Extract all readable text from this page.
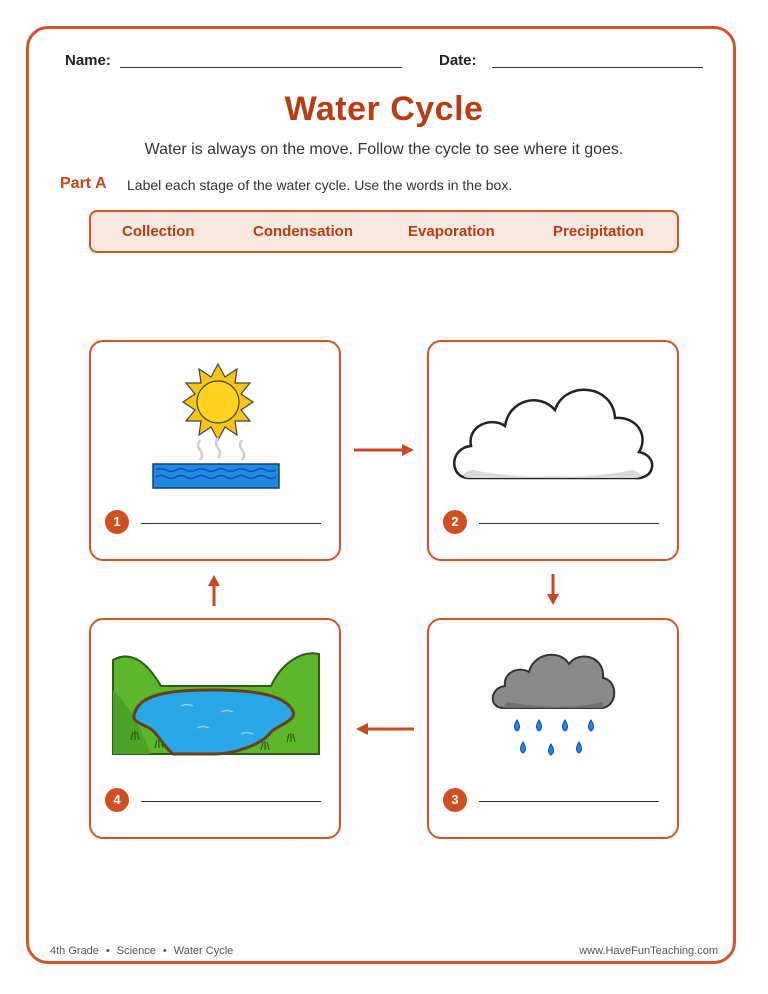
Name:	Date:
Water Cycle
Water is always on the move. Follow the cycle to see where it goes.
Part A Label each stage of the water cycle. Use the words in the box.
Collection	Condensation	Evaporation	Precipitation
1	2
3
4
4th Grade • Science • Water Cycle	www.HaveFunTeaching.com
